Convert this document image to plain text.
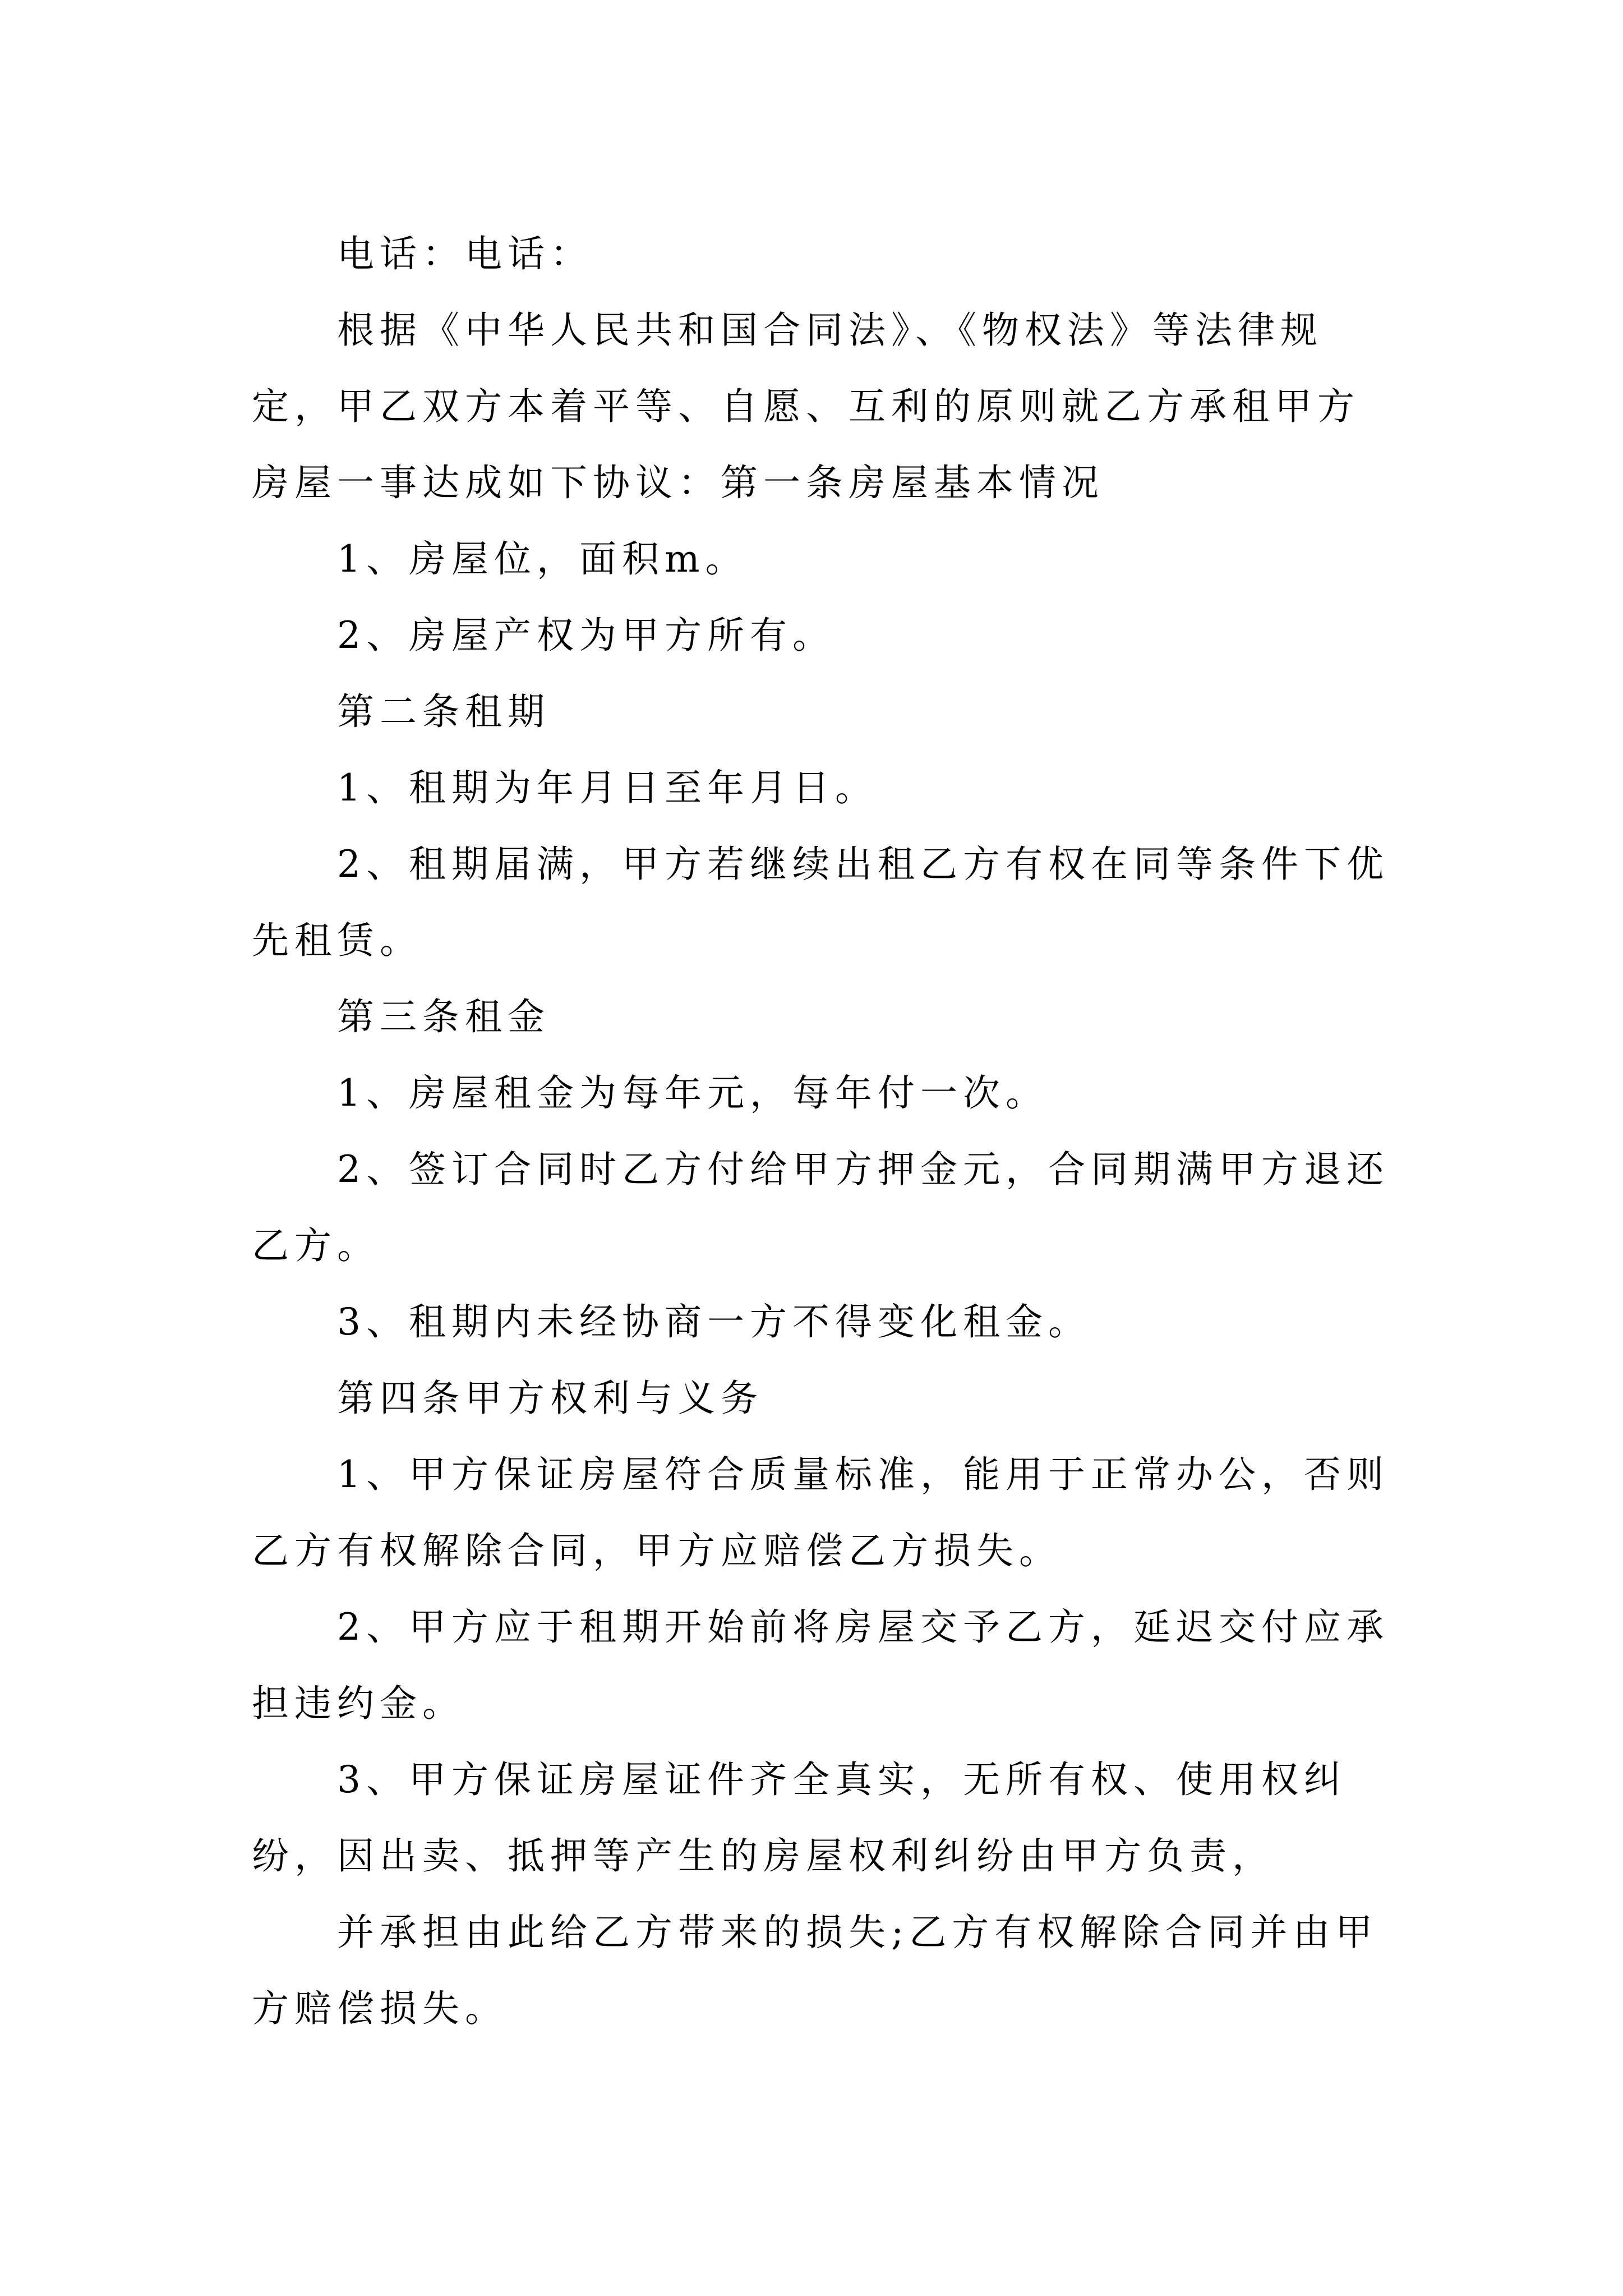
电话：电话：

根据《中华人民共和国合同法》、《物权法》等法律规定，甲乙双方本着平等、自愿、互利的原则就乙方承租甲方房屋一事达成如下协议：第一条房屋基本情况

1、房屋位，面积m。

2、房屋产权为甲方所有。

第二条租期

1、租期为年月日至年月日。

2、租期届满，甲方若继续出租乙方有权在同等条件下优先租赁。

第三条租金

1、房屋租金为每年元，每年付一次。

2、签订合同时乙方付给甲方押金元，合同期满甲方退还乙方。

3、租期内未经协商一方不得变化租金。

第四条甲方权利与义务

1、甲方保证房屋符合质量标准，能用于正常办公，否则乙方有权解除合同，甲方应赔偿乙方损失。

2、甲方应于租期开始前将房屋交予乙方，延迟交付应承担违约金。

3、甲方保证房屋证件齐全真实，无所有权、使用权纠纷，因出卖、抵押等产生的房屋权利纠纷由甲方负责，

并承担由此给乙方带来的损失;乙方有权解除合同并由甲方赔偿损失。
